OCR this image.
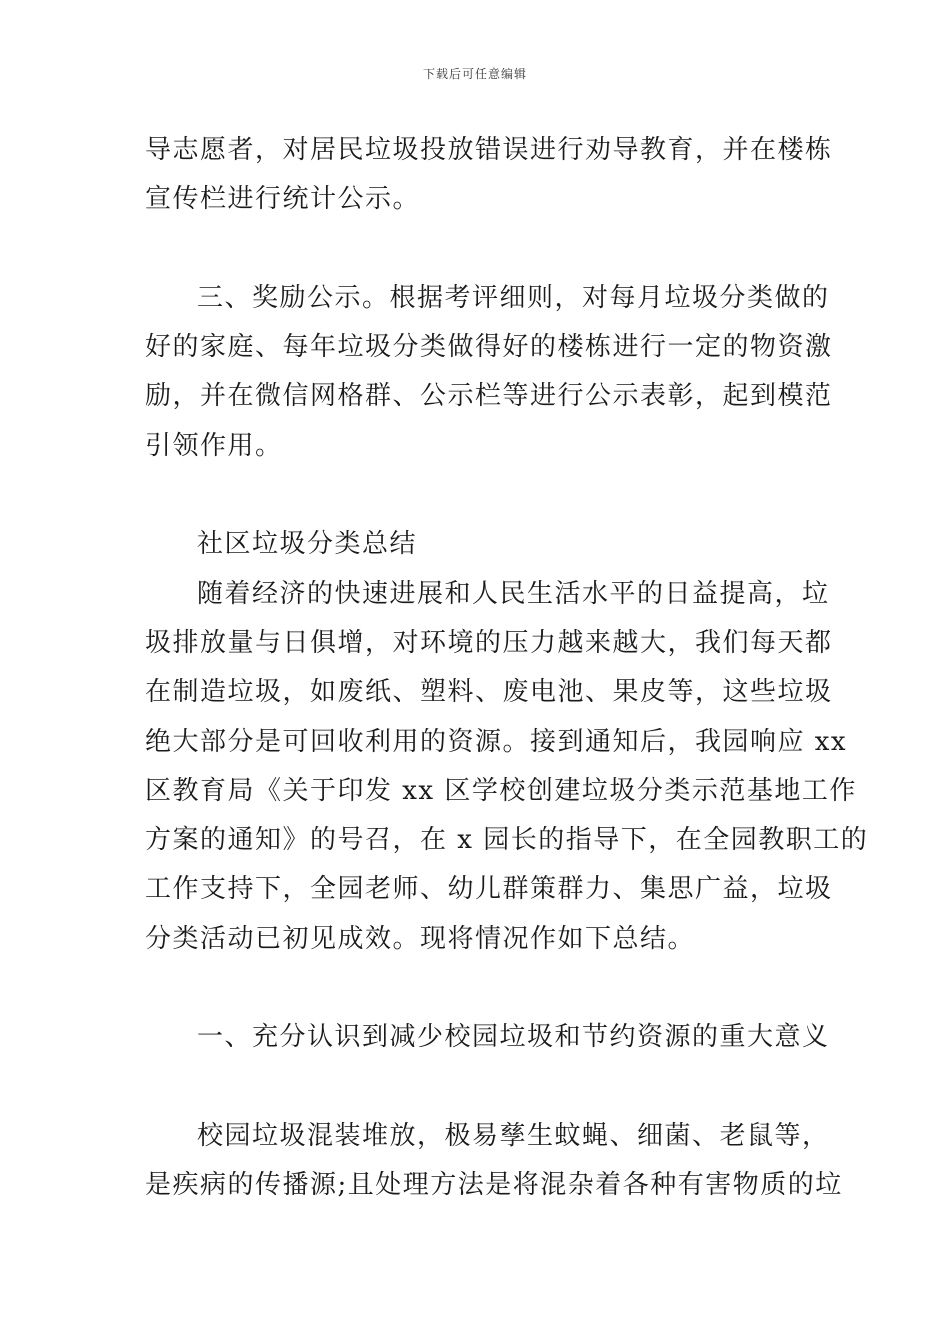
下载后可任意编辑
导志愿者，对居民垃圾投放错误进行劝导教育，并在楼栋
宣传栏进行统计公示。
三、奖励公示。根据考评细则，对每月垃圾分类做的
好的家庭、每年垃圾分类做得好的楼栋进行一定的物资激
励，并在微信网格群、公示栏等进行公示表彰，起到模范
引领作用。
社区垃圾分类总结
随着经济的快速进展和人民生活水平的日益提高，垃
圾排放量与日俱增，对环境的压力越来越大，我们每天都
在制造垃圾，如废纸、塑料、废电池、果皮等，这些垃圾
绝大部分是可回收利用的资源。接到通知后，我园响应 xx
区教育局《关于印发 xx 区学校创建垃圾分类示范基地工作
方案的通知》的号召，在 x 园长的指导下，在全园教职工的
工作支持下，全园老师、幼儿群策群力、集思广益，垃圾
分类活动已初见成效。现将情况作如下总结。
一、充分认识到减少校园垃圾和节约资源的重大意义
校园垃圾混装堆放，极易孳生蚊蝇、细菌、老鼠等，
是疾病的传播源;且处理方法是将混杂着各种有害物质的垃
